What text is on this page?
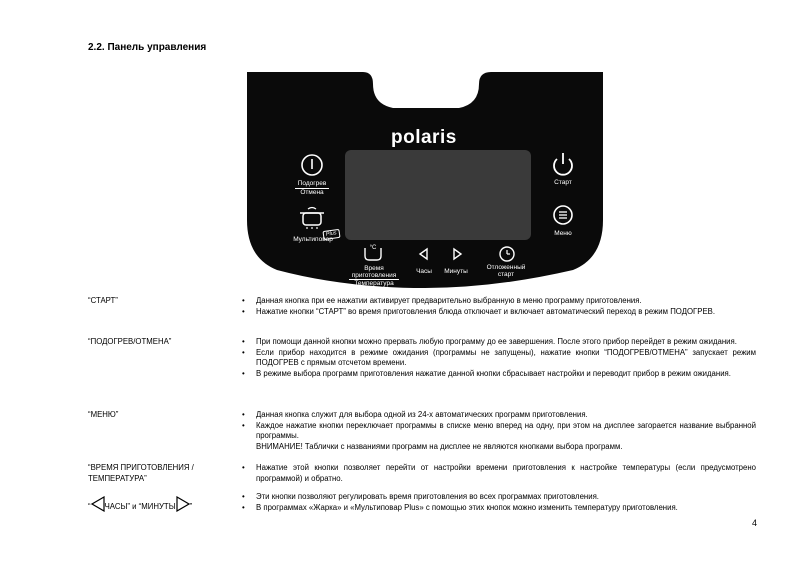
2.2. Панель управления
polaris
Подогрев
Отмена
Мультиповар
Plus
Старт
Меню
°C
Время
приготовления
Температура
Часы	Минуты
Отложенный
старт
“СТАРТ”	• Данная кнопка при ее нажатии активирует предварительно выбранную в меню программу приготовления.
• Нажатие кнопки “СТАРТ” во время приготовления блюда отключает и включает автоматический переход в режим ПОДОГРЕВ.
“ПОДОГРЕВ/ОТМЕНА”	• При помощи данной кнопки можно прервать любую программу до ее завершения. После этого прибор перейдет в режим ожидания.
• Если прибор находится в режиме ожидания (программы не запущены), нажатие кнопки “ПОДОГРЕВ/ОТМЕНА” запускает режим ПОДОГРЕВ с прямым отсчетом времени.
• В режиме выбора программ приготовления нажатие данной кнопки сбрасывает настройки и переводит прибор в режим ожидания.
“МЕНЮ”	• Данная кнопка служит для выбора одной из 24-х автоматических программ приготовления.
• Каждое нажатие кнопки переключает программы в списке меню вперед на одну, при этом на дисплее загорается название выбранной программы.
ВНИМАНИЕ! Таблички с названиями программ на дисплее не являются кнопками выбора программ.
“ВРЕМЯ ПРИГОТОВЛЕНИЯ /
ТЕМПЕРАТУРА”
• Нажатие этой кнопки позволяет перейти от настройки времени приготовления к настройке температуры (если предусмотрено программой) и обратно.
“ ЧАСЫ” и “МИНУТЫ ”
• Эти кнопки позволяют регулировать время приготовления во всех программах приготовления.
• В программах «Жарка» и «Мультиповар Plus» с помощью этих кнопок можно изменить температуру приготовления.
4
